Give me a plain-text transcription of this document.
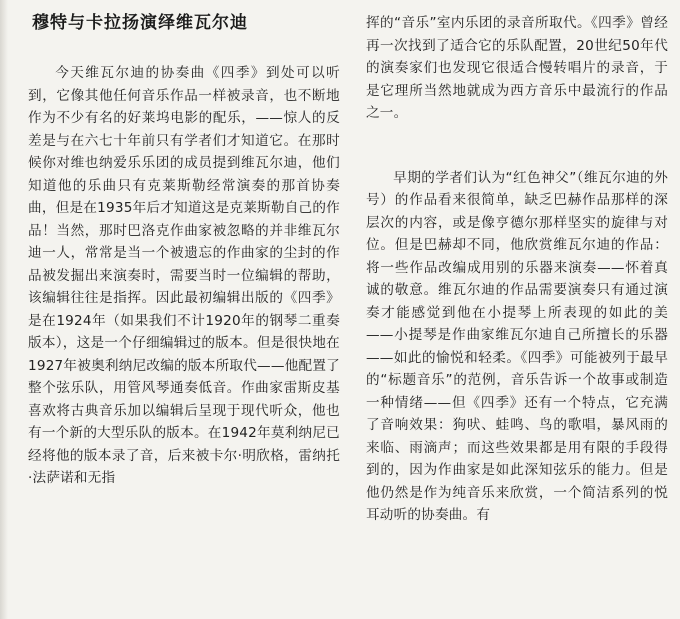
穆特与卡拉扬演绎维瓦尔迪

今天维瓦尔迪的协奏曲《四季》到处可以听到，它像其他任何音乐作品一样被录音，也不断地作为不少有名的好莱坞电影的配乐，——惊人的反差是与在六七十年前只有学者们才知道它。在那时候你对维也纳爱乐乐团的成员提到维瓦尔迪，他们知道他的乐曲只有克莱斯勒经常演奏的那首协奏曲，但是在1935年后才知道这是克莱斯勒自己的作品！当然，那时巴洛克作曲家被忽略的并非维瓦尔迪一人，常常是当一个被遗忘的作曲家的尘封的作品被发掘出来演奏时，需要当时一位编辑的帮助，该编辑往往是指挥。因此最初编辑出版的《四季》是在1924年（如果我们不计1920年的钢琴二重奏版本），这是一个仔细编辑过的版本。但是很快地在1927年被奥利纳尼改编的版本所取代——他配置了整个弦乐队，用管风琴通奏低音。作曲家雷斯皮基喜欢将古典音乐加以编辑后呈现于现代听众，他也有一个新的大型乐队的版本。在1942年莫利纳尼已经将他的版本录了音，后来被卡尔·明欣格，雷纳托·法萨诺和无指

挥的“音乐”室内乐团的录音所取代。《四季》曾经再一次找到了适合它的乐队配置，20世纪50年代的演奏家们也发现它很适合慢转唱片的录音，于是它理所当然地就成为西方音乐中最流行的作品之一。

早期的学者们认为“红色神父”（维瓦尔迪的外号）的作品看来很简单，缺乏巴赫作品那样的深层次的内容，或是像亨德尔那样坚实的旋律与对位。但是巴赫却不同，他欣赏维瓦尔迪的作品：将一些作品改编成用别的乐器来演奏——怀着真诚的敬意。维瓦尔迪的作品需要演奏只有通过演奏才能感觉到他在小提琴上所表现的如此的美——小提琴是作曲家维瓦尔迪自己所擅长的乐器——如此的愉悦和轻柔。《四季》可能被列于最早的“标题音乐”的范例，音乐告诉一个故事或制造一种情绪——但《四季》还有一个特点，它充满了音响效果：狗吠、蛙鸣、鸟的歌唱，暴风雨的来临、雨滴声；而这些效果都是用有限的手段得到的，因为作曲家是如此深知弦乐的能力。但是他仍然是作为纯音乐来欣赏，一个简洁系列的悦耳动听的协奏曲。有
